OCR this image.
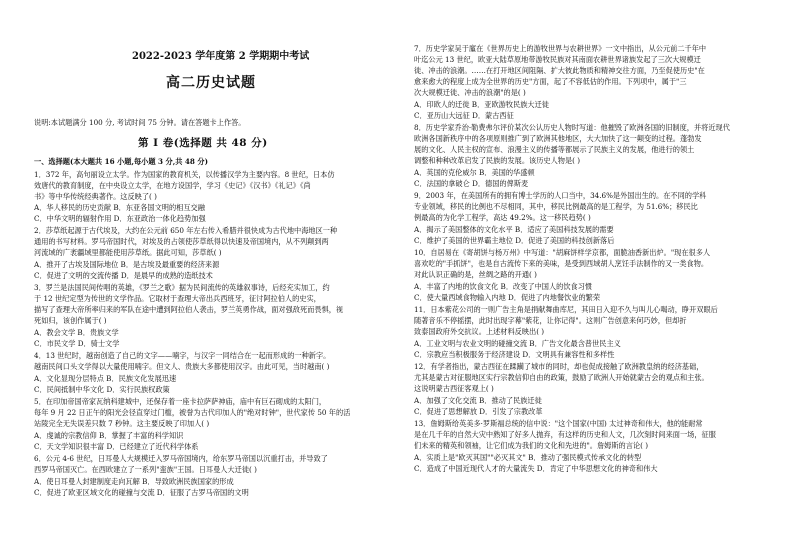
2022-2023 学年度第 2 学期期中考试
高二历史试题
说明:本试题满分 100 分, 考试时间 75 分钟。请在答题卡上作答。
第 Ⅰ 卷(选择题 共 48 分)
一、选择题(本大题共 16 小题,每小题 3 分,共 48 分)
1．372 年，高句丽设立太学。作为国家的教育机关，以传播汉学为主要内容。8 世纪，日本仿
效唐代的教育制度，在中央设立太学，在地方设国学，学习《史记》《汉书》《礼记》《尚
书》等中华传统经典著作。这反映了( )
A．华人移民的历史贡献 B．东亚各国文明的相互交融
C．中华文明的辐射作用 D．东亚政治一体化趋势加强
2．莎草纸起源于古代埃及，大约在公元前 650 年左右传入希腊并很快成为古代地中海地区一种
通用的书写材料。罗马帝国时代，对埃及的占领使莎草纸得以快速及帝国境内，从不列颠到两
河流域的广袤疆域里都能使用莎草纸。据此可知，莎草纸( )
A．推开了古埃及国际地位 B．是古埃及最重要的经济来源
C．促进了文明的交流传播 D．是晨早的成熟的造纸技术
3．罗兰是法国民间传唱的英雄，《罗兰之歌》据为民间流传的英雄叙事诗，后经充实加工，约
于 12 世纪定型为传世的文学作品。它取材于查理大帝出兵西班牙，征讨阿拉伯人的史实，
描写了查理大帝所率归来的军队在途中遭到阿拉伯人袭击，罗兰英勇作战，面对强敌死而畏惧，视
死如归，该创作属于( )
A．教会文学 B．贵族文学
C．市民文学 D．骑士文学
4．13 世纪时，越南创造了自己的文字——喃字，与汉字一同结合在一起而形成的一种新字。
越南民间口头文学得以大量使用喃字。但文人、贵族大多都使用汉字。由此可见，当时越南( )
A．文化显现分层特点 B．民族文化发展迅速
C．民间抵制中华文化 D．实行民族权政策
5．在印加帝国帝家瓦纳科建城中，还保存着一座卡拉萨萨神庙，庙中有巨石砌成的太阳门，
每年 9 月 22 日正午的阳光会径直穿过门槛，被誉为古代印加人的"绝对时钟"，世代家传 50 年的活
站陵完全无失误差只数 7 秒钟。这主要反映了印加人( )
A．虔诚的宗教信仰 B．掌握了丰富的科学知识
C．天文学知识很丰富 D．已经建立了近代科学体系
6．公元 4-6 世纪，日耳曼人大规模迁入罗马帝国境内，给东罗马帝国以沉重打击，并导致了
西罗马帝国灭亡。在西欧建立了一系列"蛮族"王国。日耳曼人大迁徙( )
A．使日耳曼人封建制度走向瓦解 B．导致欧洲民族国家的形成
C．促进了欧亚区域文化的碰撞与交流 D．征服了古罗马帝国的文明
7．历史学家吴于廑在《世界历史上的游牧世界与农耕世界》一文中指出，从公元前二千年中
叶迄公元 13 世纪，欧亚大陆草原地带游牧民族对其南面农耕世界诸族发起了三次大规模迁
徙、冲击的浪潮。……在打开地区间阻隔、扩大彼此物质和精神交往方面，乃至促使历史"在
愈来愈大的程度上成为全世界的历史"方面，起了不容低估的作用。下列项中，属于"三
次大规模迁徙、冲击的浪潮"的是( )
A．印欧人的迁徙 B．亚欧游牧民族大迁徙
C．亚历山大远征 D．蒙古西征
8．历史学家乔治·勒费弗尔评价某次公认历史人物时写道：他摧毁了欧洲各国的旧制度，并将近现代
欧洲各国新秩序中的各项原则推广到了欧洲其他地区，大大加快了这一颠变的过程。蓬勃发
展的文化、人民主权的宣布、浪漫主义的传播等都展示了民族主义的发展，他进行的领土
调整和种种改革启发了民族的发展。该历史人物是( )
A．英国的克伦威尔 B．美国的华盛顿
C．法国的拿破仑 D．德国的俾斯麦
9．2003 年，在美国所有的拥有博士学历的人口当中，34.6%是外国出生的。在不同的学科
专业领域，移民的比例也不尽相同，其中，移民比例最高的是工程学，为 51.6%；移民比
例最高的为化学工程学，高达 49.2%。这一移民趋势( )
A．揭示了美国整体的文化水平 B．适应了美国科技发展的需要
C．维护了美国的世界霸主地位 D．促进了美国的科技创新落后
10．自居易在《寄胡饼与杨万州》中写道："胡麻饼样学京都，面脆油香新出炉。"现在很多人
喜欢吃的"手抓饼"，也是自古流传下来的美味，是受到西域胡人烹饪手法制作的又一类食物。
对此认识正确的是，丝绸之路的开通( )
A．丰富了内地的饮食文化 B．改变了中国人的饮食习惯
C．使大量西域食物输入内地 D．促进了内地餐饮业的繁荣
11．日本紫花公司的一则广告主角是捐献舞曲库尼，其田日入迎不久与叫儿心喝动，睁开双眼后
随著音乐不停摇摆，此时出现字幕"紫花，让你记得"。这则广告创意来何巧妙，但却折
致泰国政府外交抗议。上述材料反映出( )
A．工业文明与农业文明的碰撞交流 B．广告文化最含普世民主义
C．宗教应当积极服务于经济建设 D．文明具有兼容性和多样性
12．有学者指出，蒙古西征在蹂躏了城市的同时，却也促成接触了欧洲教皇纳的经济基础，
尤其是蒙古对征服地区实行宗教信仰自由的政策，鼓励了欧洲人开始就蒙古会的观点和主张。
这说明蒙古西征客观上( )
A．加强了文化交流 B．推动了民族迁徙
C．促进了思想解放 D．引发了宗教改革
13．詹姆斯给英美多·罗斯福总统的信中说："这个国家(中国) 太过神奇和伟大，他的能耐常
是在几千年的自然大灾中熟知了好多人抛弃，有这样的历史和人文，几次刻时间来面一场，征服
们未来的精英和领袖，让它们成为我们的文化和先进的"。詹姆斯的言论( )
A．实质上是"欧灭其国""必灭其文" B．推动了强民模式传承文化的转型
C．造成了中国近现代人才的大量流失 D．肯定了中华思想文化的神奇和伟大
